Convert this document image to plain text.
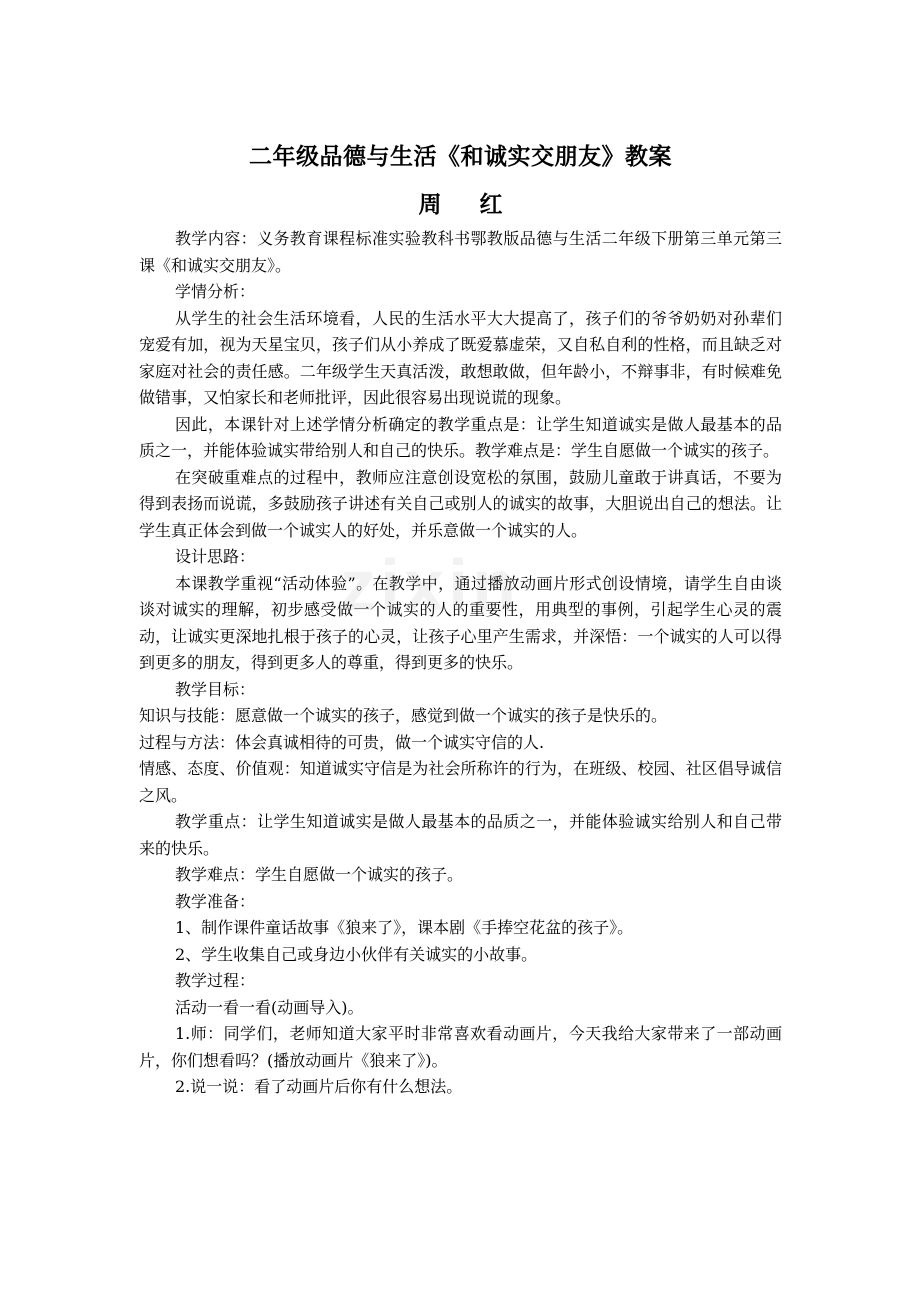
二年级品德与生活《和诚实交朋友》教案
周红

教学内容：义务教育课程标准实验教科书鄂教版品德与生活二年级下册第三单元第三课《和诚实交朋友》。

学情分析：

从学生的社会生活环境看，人民的生活水平大大提高了，孩子们的爷爷奶奶对孙辈们宠爱有加，视为天星宝贝，孩子们从小养成了既爱慕虚荣，又自私自利的性格，而且缺乏对家庭对社会的责任感。二年级学生天真活泼，敢想敢做，但年龄小，不辩事非，有时候难免做错事，又怕家长和老师批评，因此很容易出现说谎的现象。

因此，本课针对上述学情分析确定的教学重点是：让学生知道诚实是做人最基本的品质之一，并能体验诚实带给别人和自己的快乐。教学难点是：学生自愿做一个诚实的孩子。

在突破重难点的过程中，教师应注意创设宽松的氛围，鼓励儿童敢于讲真话，不要为得到表扬而说谎，多鼓励孩子讲述有关自己或别人的诚实的故事，大胆说出自己的想法。让学生真正体会到做一个诚实人的好处，并乐意做一个诚实的人。

设计思路：

本课教学重视“活动体验”。在教学中，通过播放动画片形式创设情境，请学生自由谈谈对诚实的理解，初步感受做一个诚实的人的重要性，用典型的事例，引起学生心灵的震动，让诚实更深地扎根于孩子的心灵，让孩子心里产生需求，并深悟：一个诚实的人可以得到更多的朋友，得到更多人的尊重，得到更多的快乐。

教学目标：

知识与技能：愿意做一个诚实的孩子，感觉到做一个诚实的孩子是快乐的。

过程与方法：体会真诚相待的可贵，做一个诚实守信的人.

情感、态度、价值观：知道诚实守信是为社会所称许的行为，在班级、校园、社区倡导诚信之风。

教学重点：让学生知道诚实是做人最基本的品质之一，并能体验诚实给别人和自己带来的快乐。

教学难点：学生自愿做一个诚实的孩子。

教学准备：

1、制作课件童话故事《狼来了》，课本剧《手捧空花盆的孩子》。

2、学生收集自己或身边小伙伴有关诚实的小故事。

教学过程：

活动一看一看(动画导入)。

1.师：同学们，老师知道大家平时非常喜欢看动画片，今天我给大家带来了一部动画片，你们想看吗？(播放动画片《狼来了》)。

2.说一说：看了动画片后你有什么想法。

zixin
